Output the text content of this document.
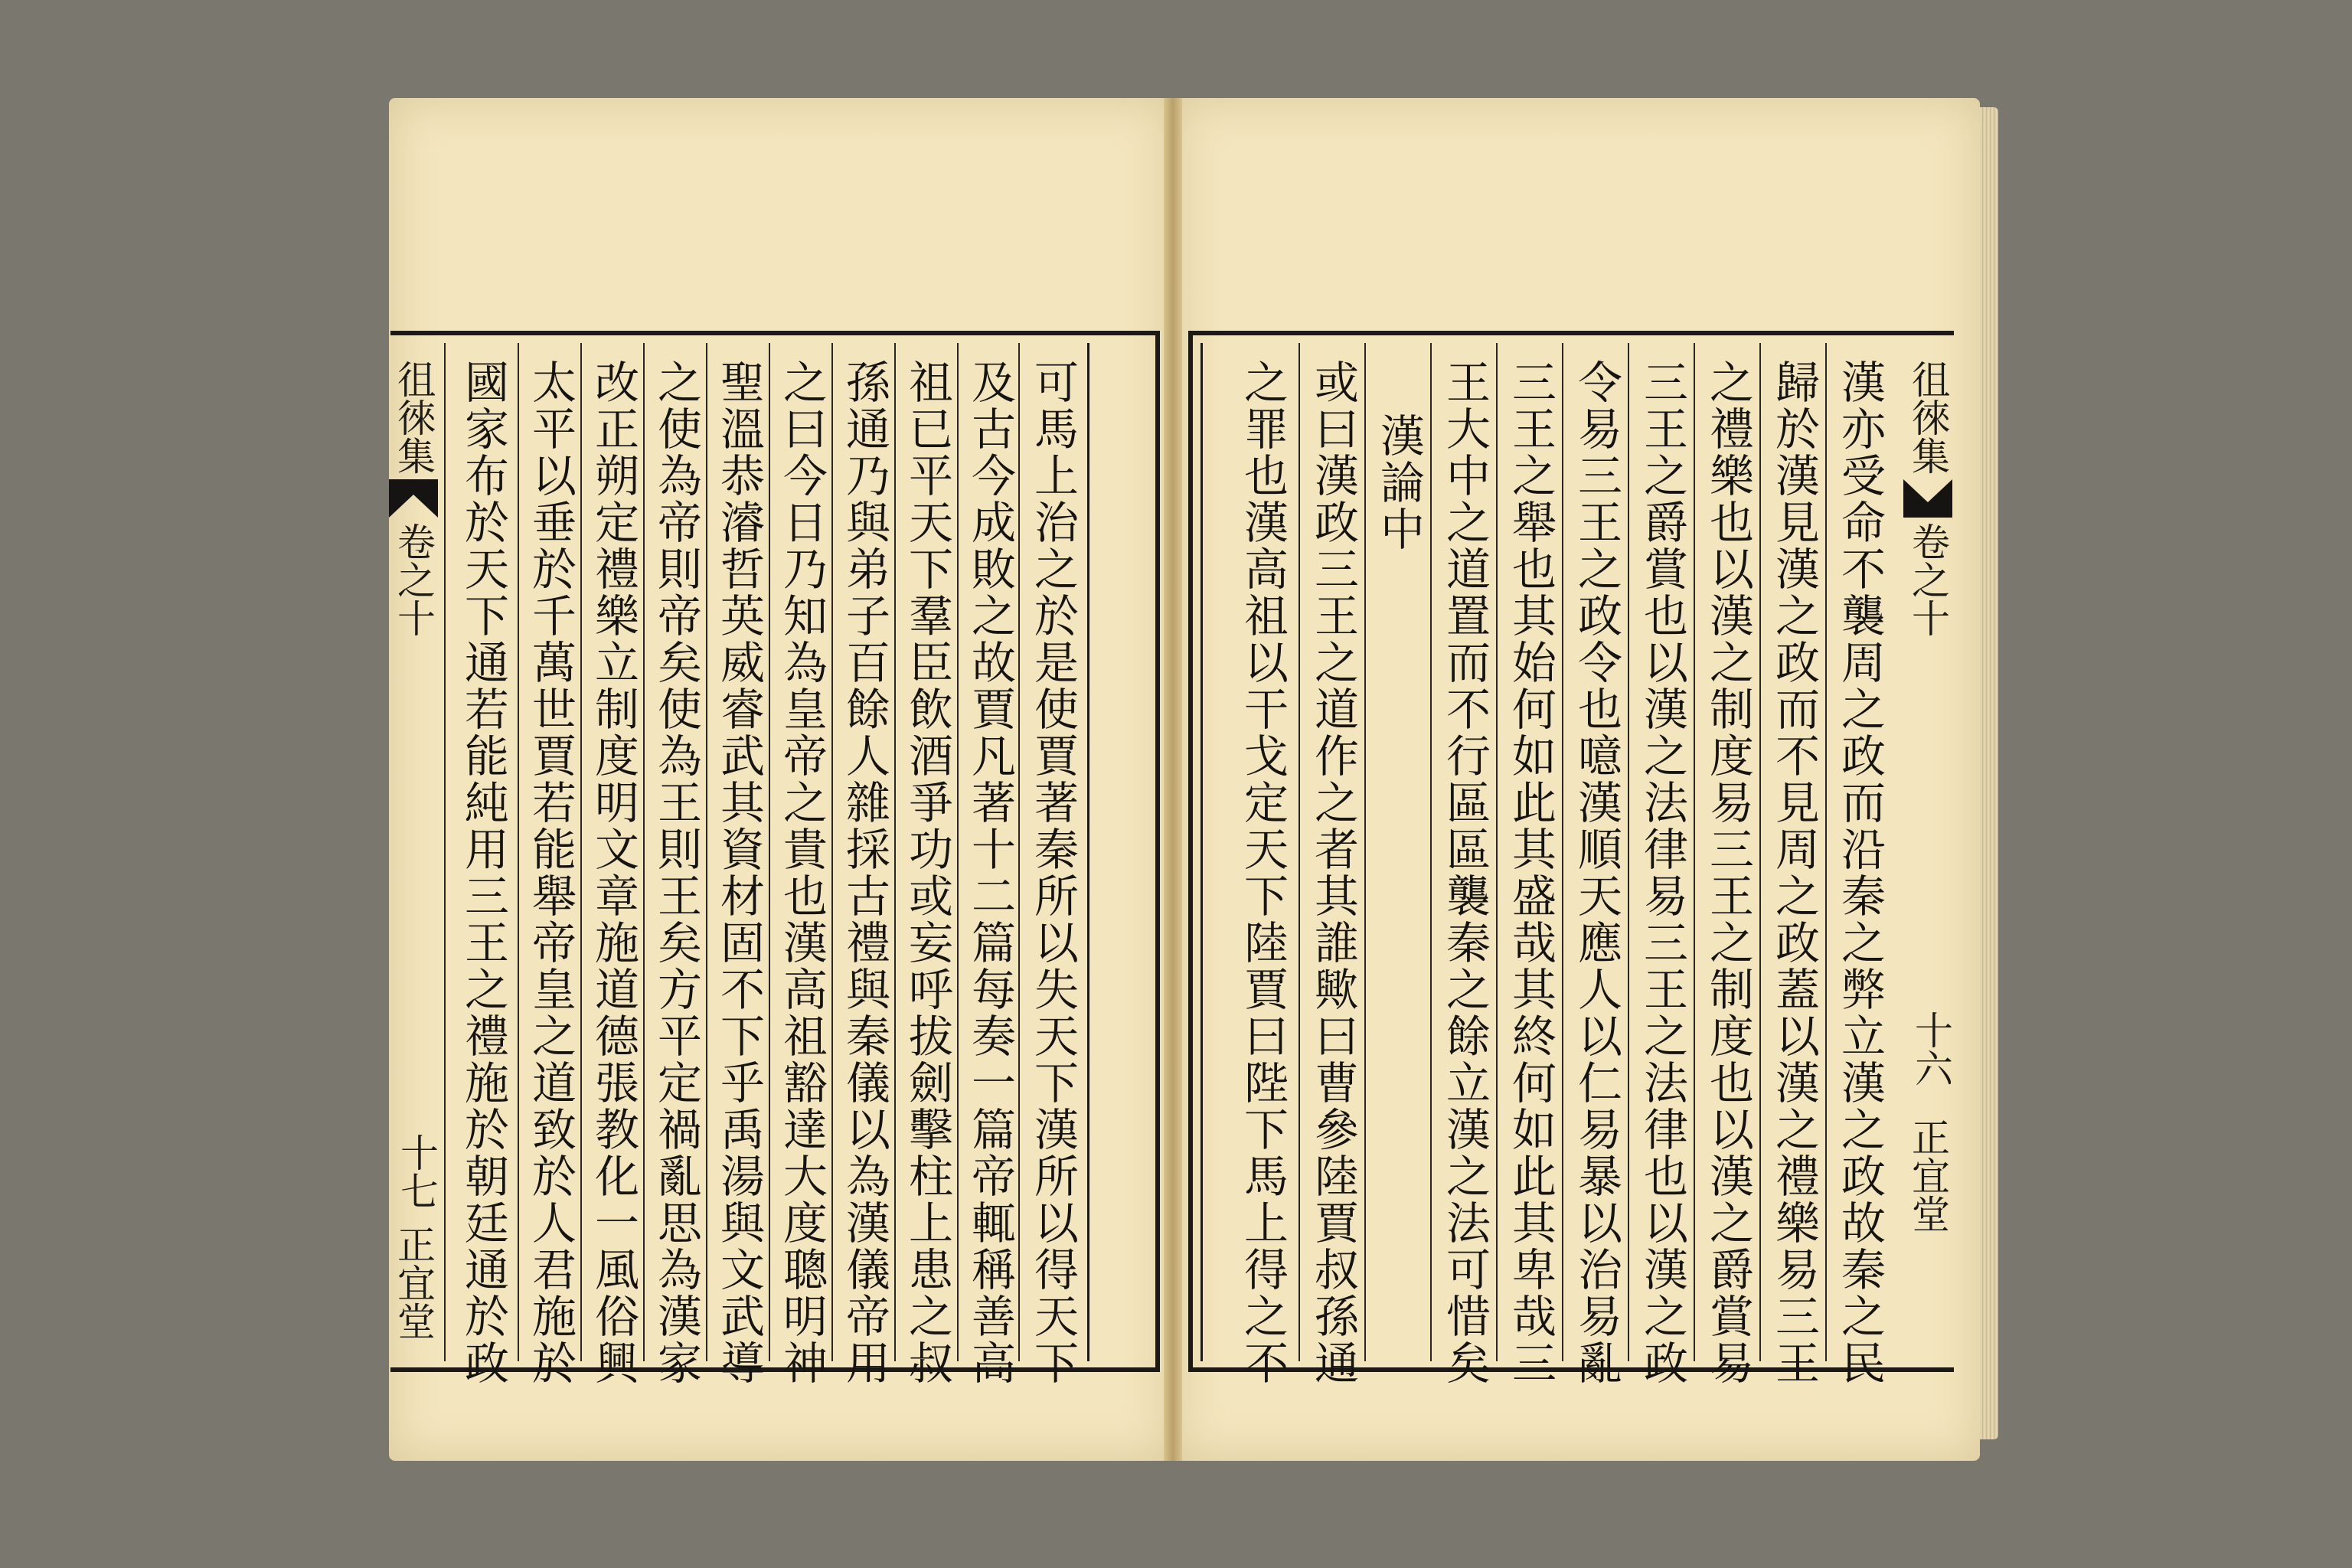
徂徠集
卷之十
十七
正宜堂
徂徠集
卷之十
十六
正宜堂
可
馬
上
治
之
於
是
使
賈
著
秦
所
以
失
天
下
漢
所
以
得
天
下
及
古
今
成
敗
之
故
賈
凡
著
十
二
篇
每
奏
一
篇
帝
輒
稱
善
高
祖
已
平
天
下
羣
臣
飲
酒
爭
功
或
妄
呼
拔
劍
擊
柱
上
患
之
叔
孫
通
乃
與
弟
子
百
餘
人
雜
採
古
禮
與
秦
儀
以
為
漢
儀
帝
用
之
曰
今
日
乃
知
為
皇
帝
之
貴
也
漢
高
祖
豁
達
大
度
聰
明
神
聖
溫
恭
濬
哲
英
威
睿
武
其
資
材
固
不
下
乎
禹
湯
與
文
武
導
之
使
為
帝
則
帝
矣
使
為
王
則
王
矣
方
平
定
禍
亂
思
為
漢
家
改
正
朔
定
禮
樂
立
制
度
明
文
章
施
道
德
張
教
化
一
風
俗
興
太
平
以
垂
於
千
萬
世
賈
若
能
舉
帝
皇
之
道
致
於
人
君
施
於
國
家
布
於
天
下
通
若
能
純
用
三
王
之
禮
施
於
朝
廷
通
於
政
漢
亦
受
命
不
襲
周
之
政
而
沿
秦
之
弊
立
漢
之
政
故
秦
之
民
歸
於
漢
見
漢
之
政
而
不
見
周
之
政
蓋
以
漢
之
禮
樂
易
三
王
之
禮
樂
也
以
漢
之
制
度
易
三
王
之
制
度
也
以
漢
之
爵
賞
易
三
王
之
爵
賞
也
以
漢
之
法
律
易
三
王
之
法
律
也
以
漢
之
政
令
易
三
王
之
政
令
也
噫
漢
順
天
應
人
以
仁
易
暴
以
治
易
亂
三
王
之
舉
也
其
始
何
如
此
其
盛
哉
其
終
何
如
此
其
卑
哉
三
王
大
中
之
道
置
而
不
行
區
區
襲
秦
之
餘
立
漢
之
法
可
惜
矣
漢
論
中
或
曰
漢
政
三
王
之
道
作
之
者
其
誰
歟
曰
曹
參
陸
賈
叔
孫
通
之
罪
也
漢
高
祖
以
干
戈
定
天
下
陸
賈
曰
陛
下
馬
上
得
之
不
